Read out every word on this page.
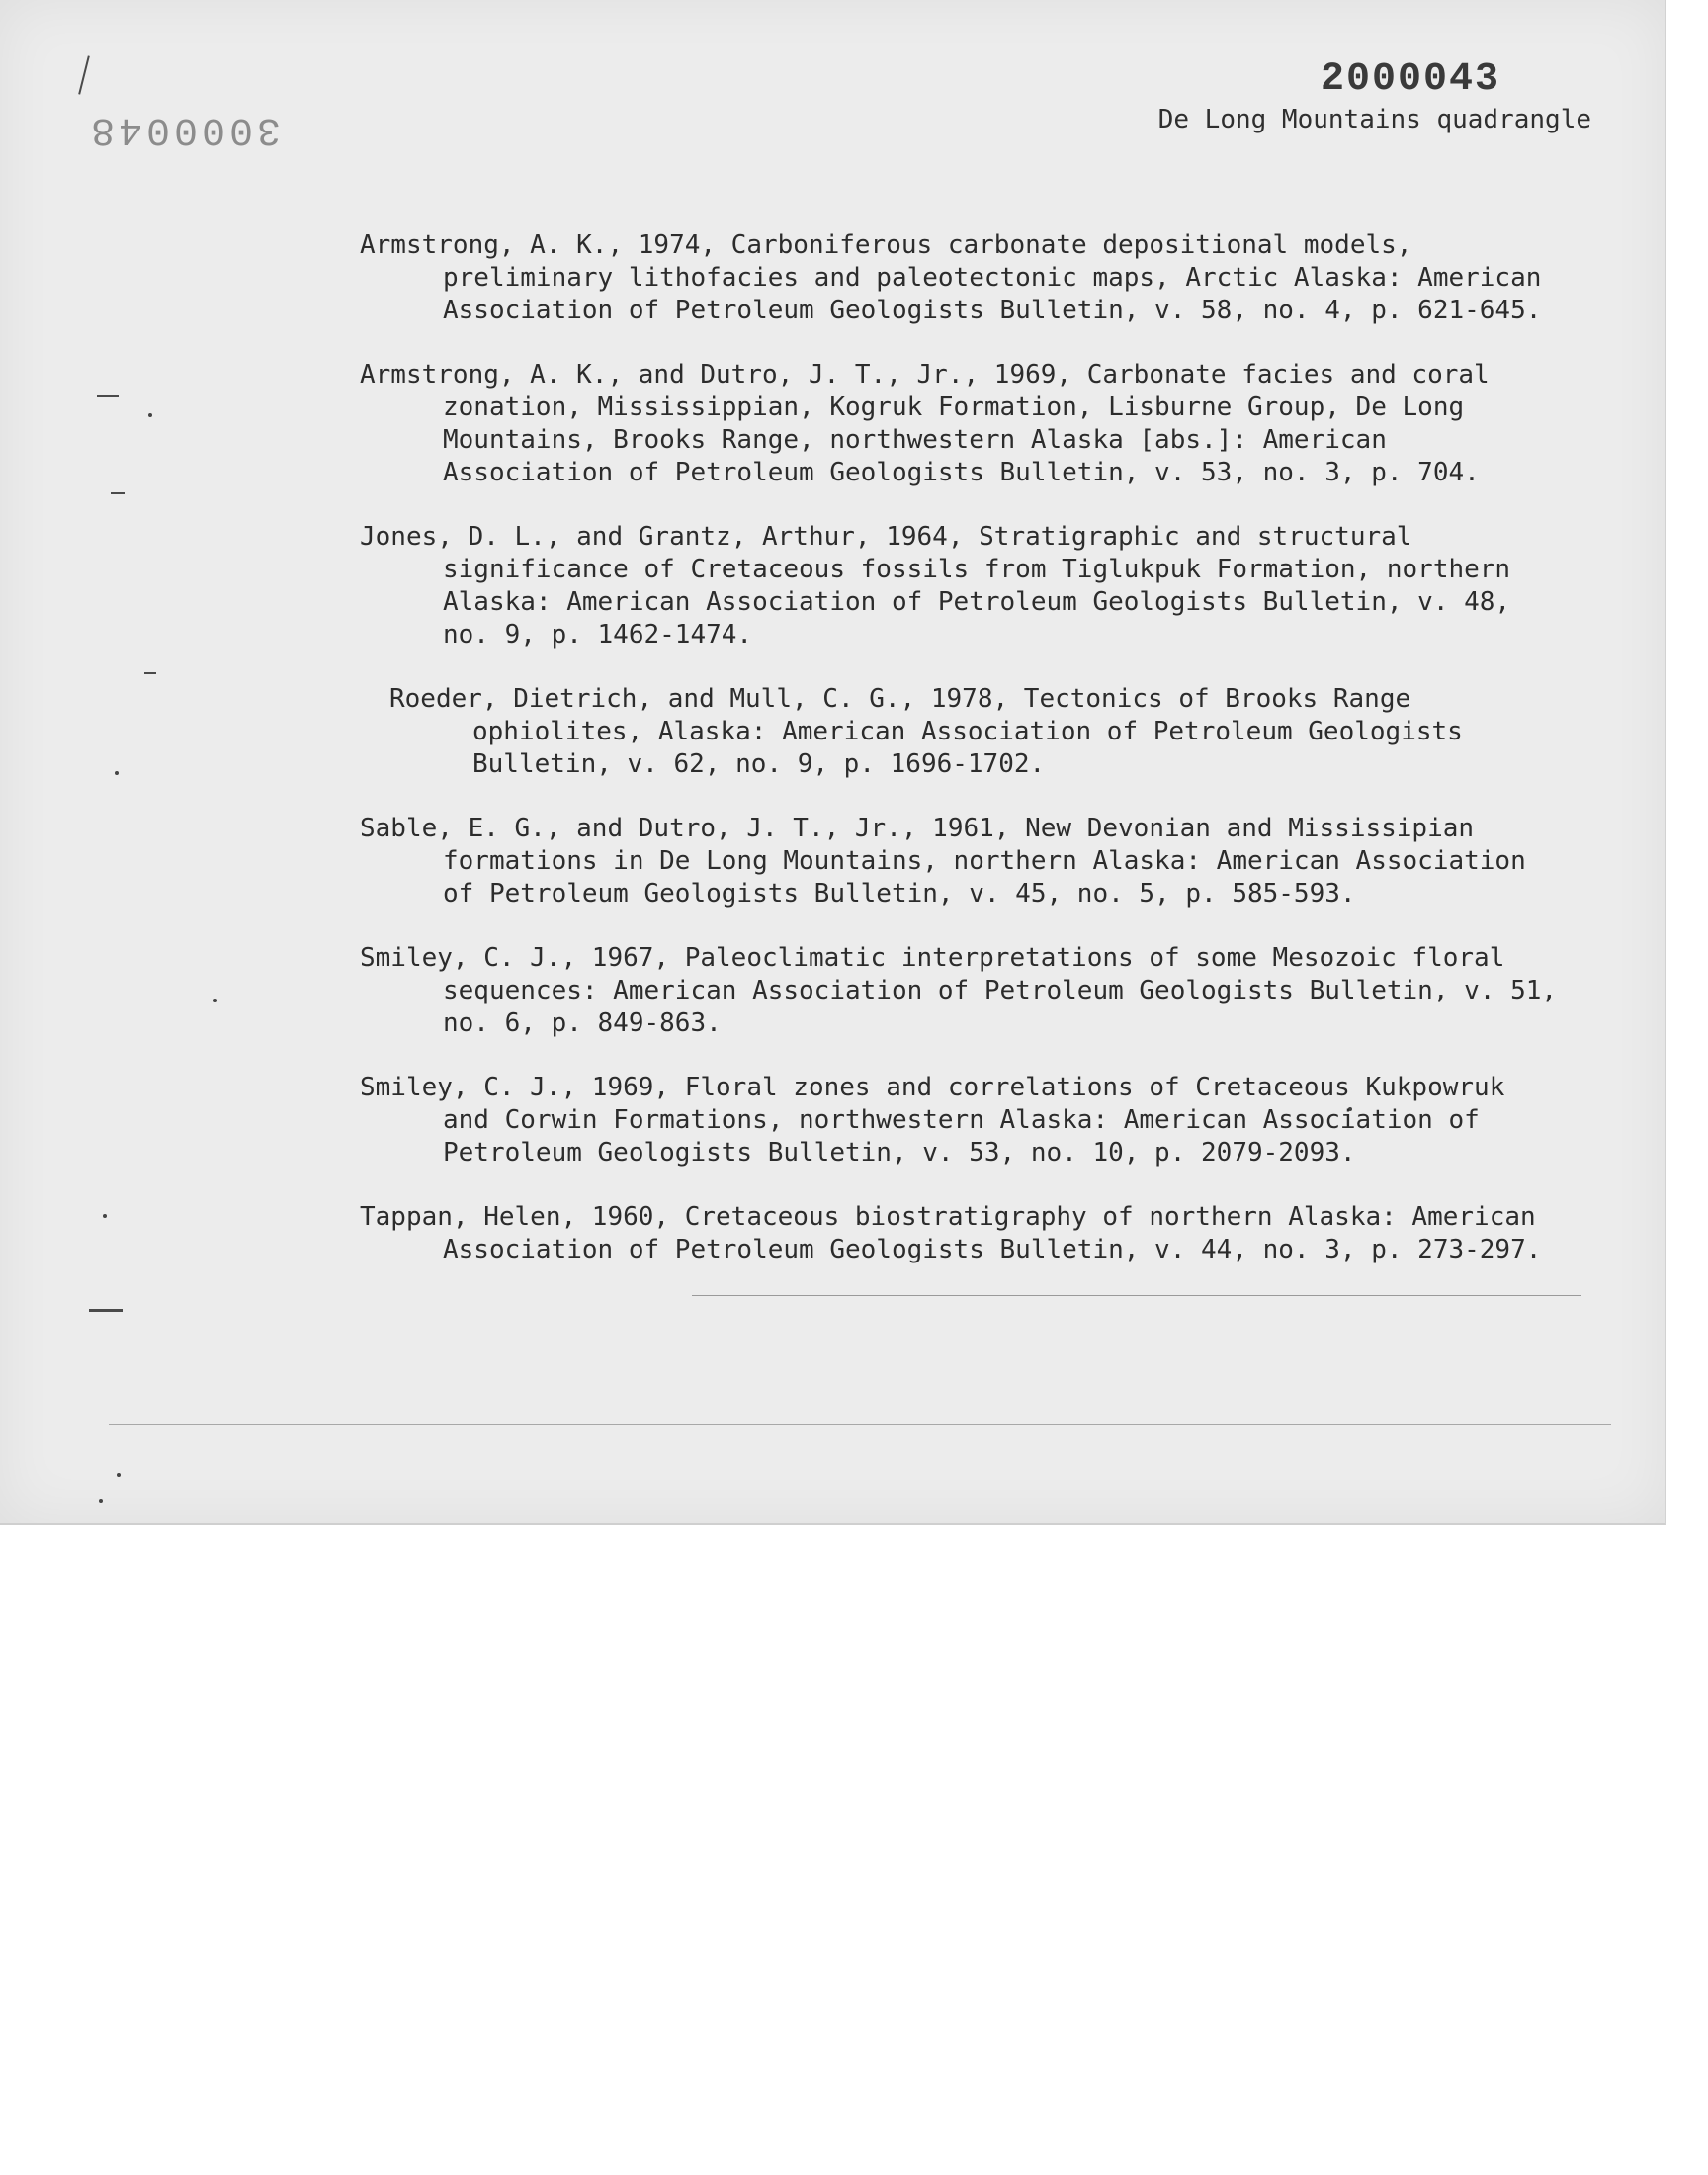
3000048
2000043
De Long Mountains quadrangle

Armstrong, A. K., 1974, Carboniferous carbonate depositional models, preliminary lithofacies and paleotectonic maps, Arctic Alaska: American Association of Petroleum Geologists Bulletin, v. 58, no. 4, p. 621-645.

Armstrong, A. K., and Dutro, J. T., Jr., 1969, Carbonate facies and coral zonation, Mississippian, Kogruk Formation, Lisburne Group, De Long Mountains, Brooks Range, northwestern Alaska [abs.]: American Association of Petroleum Geologists Bulletin, v. 53, no. 3, p. 704.

Jones, D. L., and Grantz, Arthur, 1964, Stratigraphic and structural significance of Cretaceous fossils from Tiglukpuk Formation, northern Alaska: American Association of Petroleum Geologists Bulletin, v. 48, no. 9, p. 1462-1474.

Roeder, Dietrich, and Mull, C. G., 1978, Tectonics of Brooks Range ophiolites, Alaska: American Association of Petroleum Geologists Bulletin, v. 62, no. 9, p. 1696-1702.

Sable, E. G., and Dutro, J. T., Jr., 1961, New Devonian and Mississipian formations in De Long Mountains, northern Alaska: American Association of Petroleum Geologists Bulletin, v. 45, no. 5, p. 585-593.

Smiley, C. J., 1967, Paleoclimatic interpretations of some Mesozoic floral sequences: American Association of Petroleum Geologists Bulletin, v. 51, no. 6, p. 849-863.

Smiley, C. J., 1969, Floral zones and correlations of Cretaceous Kukpowruk and Corwin Formations, northwestern Alaska: American Association of Petroleum Geologists Bulletin, v. 53, no. 10, p. 2079-2093.

Tappan, Helen, 1960, Cretaceous biostratigraphy of northern Alaska: American Association of Petroleum Geologists Bulletin, v. 44, no. 3, p. 273-297.
